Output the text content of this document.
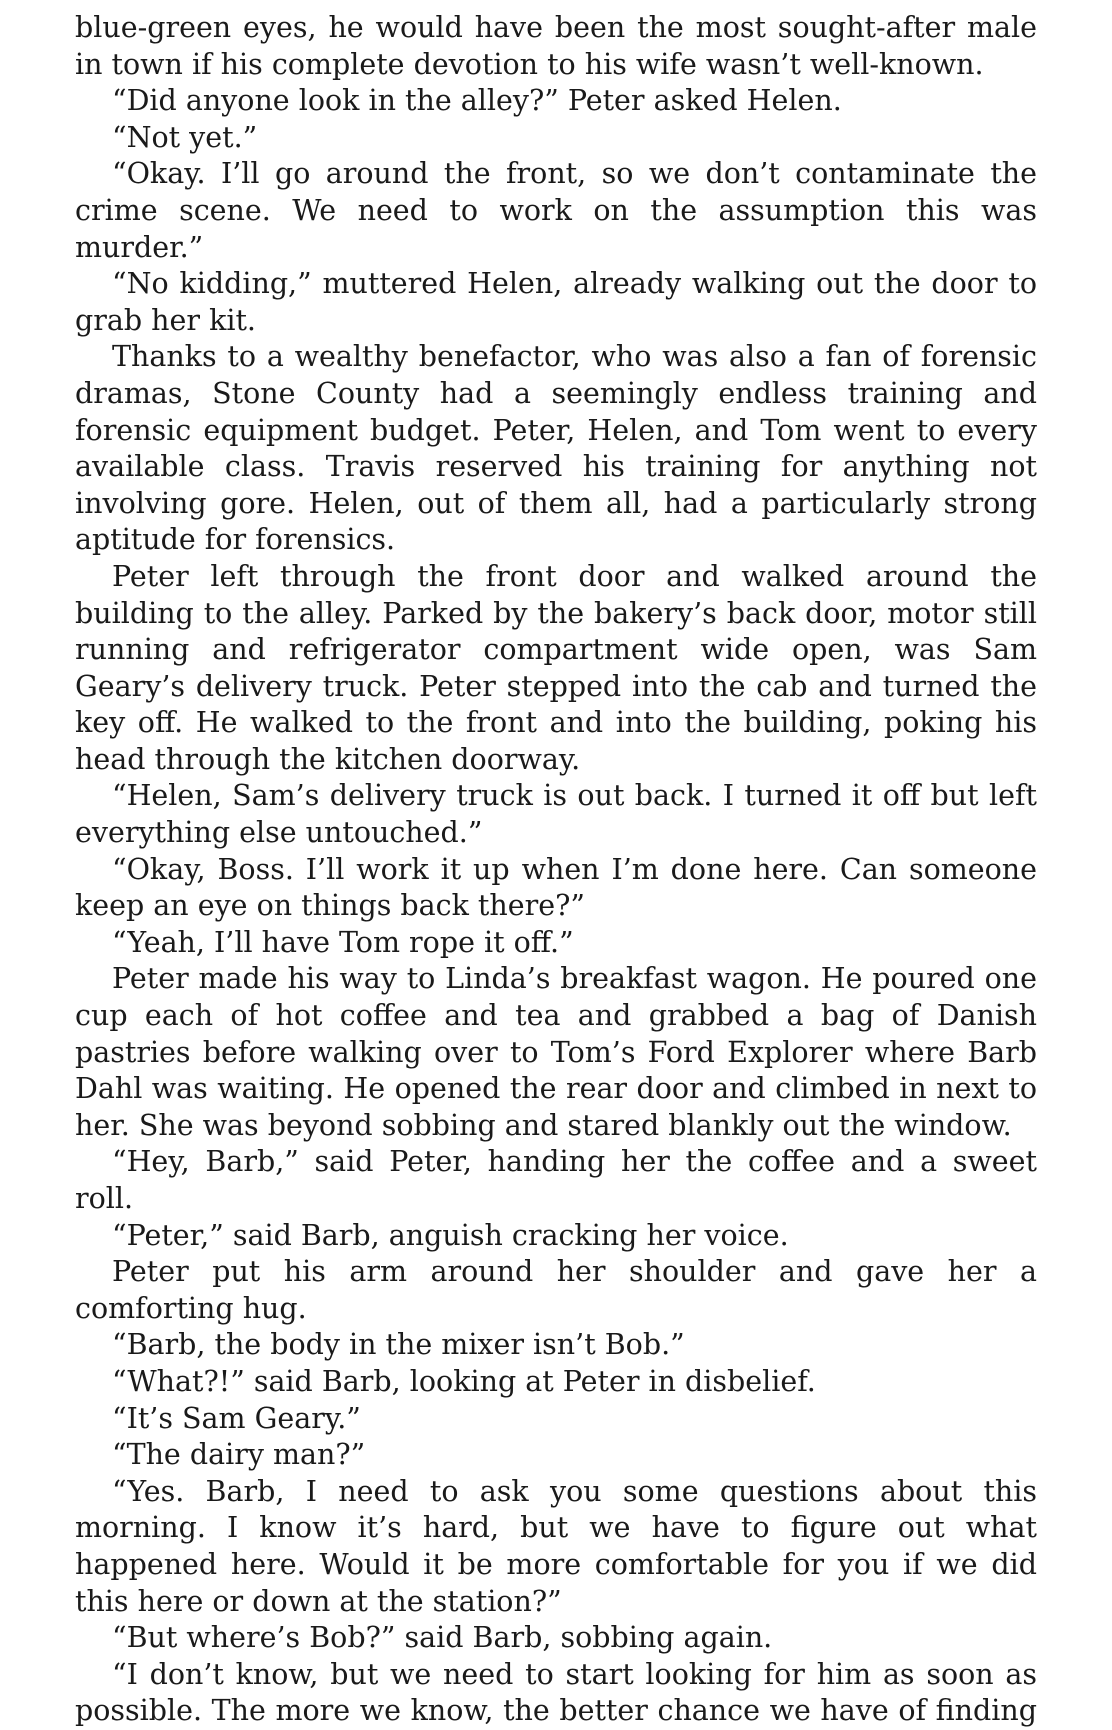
blue-green eyes, he would have been the most sought-after male in town if his complete devotion to his wife wasn’t well-known.

“Did anyone look in the alley?” Peter asked Helen.

“Not yet.”

“Okay. I’ll go around the front, so we don’t contaminate the crime scene. We need to work on the assumption this was murder.”

“No kidding,” muttered Helen, already walking out the door to grab her kit.

Thanks to a wealthy benefactor, who was also a fan of forensic dramas, Stone County had a seemingly endless training and forensic equipment budget. Peter, Helen, and Tom went to every available class. Travis reserved his training for anything not involving gore. Helen, out of them all, had a particularly strong aptitude for forensics.

Peter left through the front door and walked around the building to the alley. Parked by the bakery’s back door, motor still running and refrigerator compartment wide open, was Sam Geary’s delivery truck. Peter stepped into the cab and turned the key off. He walked to the front and into the building, poking his head through the kitchen doorway.

“Helen, Sam’s delivery truck is out back. I turned it off but left everything else untouched.”

“Okay, Boss. I’ll work it up when I’m done here. Can someone keep an eye on things back there?”

“Yeah, I’ll have Tom rope it off.”

Peter made his way to Linda’s breakfast wagon. He poured one cup each of hot coffee and tea and grabbed a bag of Danish pastries before walking over to Tom’s Ford Explorer where Barb Dahl was waiting. He opened the rear door and climbed in next to her. She was beyond sobbing and stared blankly out the window.

“Hey, Barb,” said Peter, handing her the coffee and a sweet roll.

“Peter,” said Barb, anguish cracking her voice.

Peter put his arm around her shoulder and gave her a comforting hug.

“Barb, the body in the mixer isn’t Bob.”

“What?!” said Barb, looking at Peter in disbelief.

“It’s Sam Geary.”

“The dairy man?”

“Yes. Barb, I need to ask you some questions about this morning. I know it’s hard, but we have to figure out what happened here. Would it be more comfortable for you if we did this here or down at the station?”

“But where’s Bob?” said Barb, sobbing again.

“I don’t know, but we need to start looking for him as soon as possible. The more we know, the better chance we have of finding
